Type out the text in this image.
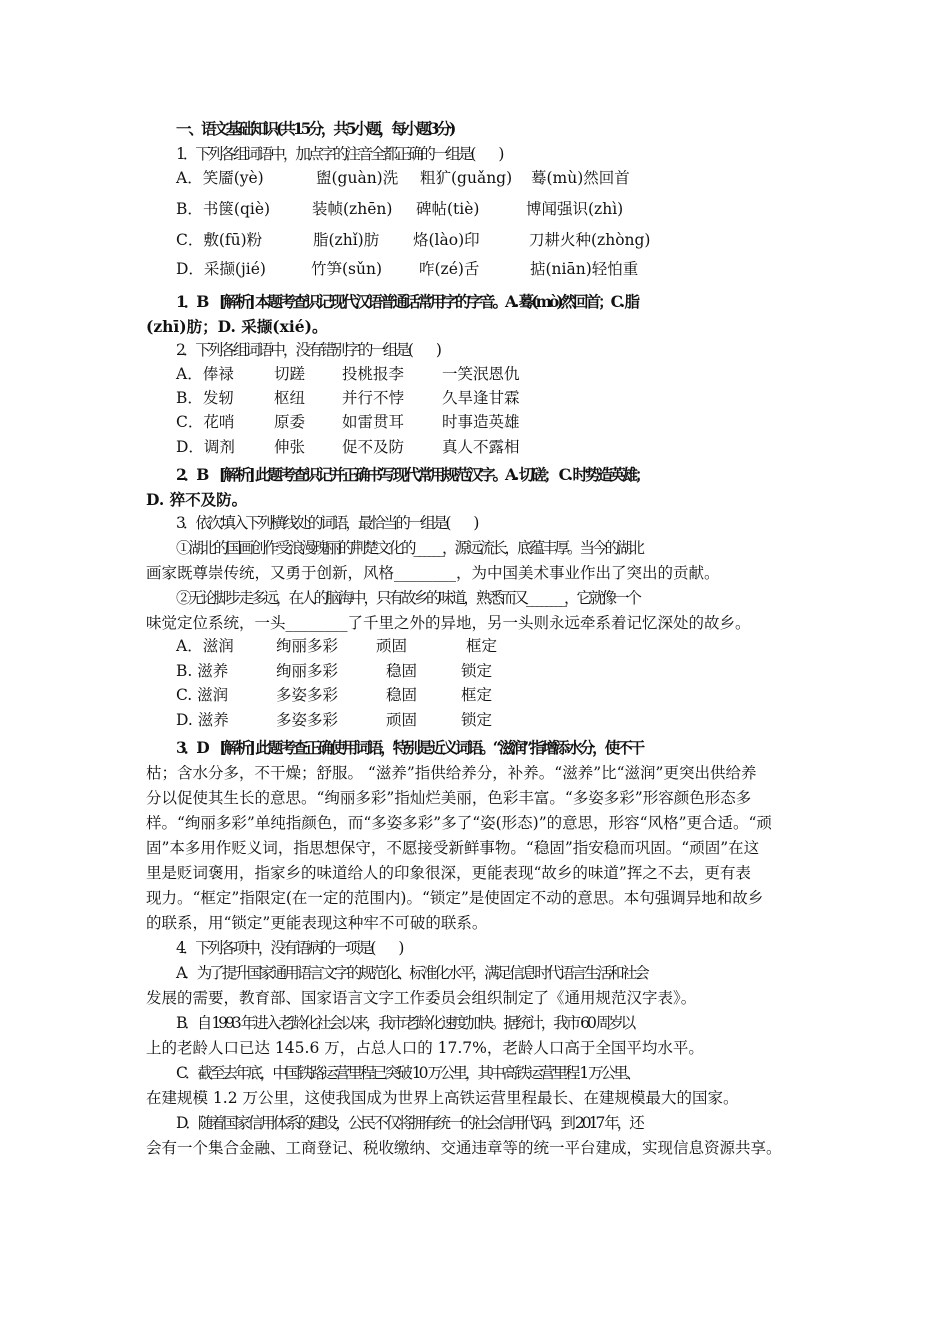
一、语文基础知识(共15分，共5小题，每小题3分)
1．下列各组词语中，加点字的注音全都正确的一组是(　　)
A．笑靥(yè)	盥(guàn)洗 粗犷(guǎng) 蓦(mù)然回首
B．书箧(qiè)	装帧(zhēn) 碑帖(tiè)	博闻强识(zhì)
C．敷(fū)粉	脂(zhǐ)肪 烙(lào)印	刀耕火种(zhòng)
D．采撷(jié)	竹笋(sǔn) 咋(zé)舌	掂(niān)轻怕重
1．B　[解析] 本题考查识记现代汉语普通话常用字的字音。A. 蓦(mò)然回首；C. 脂
(zhī)肪；D. 采撷(xié)。
2．下列各组词语中，没有错别字的一组是(　　)
A．俸禄	切蹉 投桃报李 一笑泯恩仇
B．发轫	枢纽 并行不悖 久旱逢甘霖
C．花哨	原委 如雷贯耳 时事造英雄
D．调剂	伸张 促不及防 真人不露相
2．B　[解析] 此题考查识记并正确书写现代常用规范汉字。A. 切磋； C. 时势造英雄；
D. 猝不及防。
3．依次填入下列横线处的词语，最恰当的一组是(　　)
①湖北的国画创作受浪漫瑰丽的荆楚文化的______，源远流长，底蕴丰厚。当今的湖北
画家既尊崇传统，又勇于创新，风格________，为中国美术事业作出了突出的贡献。
②无论脚步走多远，在人的脑海中，只有故乡的味道，熟悉而又________，它就像一个
味觉定位系统，一头________了千里之外的异地，另一头则永远牵系着记忆深处的故乡。
A．滋润	绚丽多彩 顽固	框定
B. 滋养	绚丽多彩	稳固	锁定
C. 滋润	多姿多彩	稳固	框定
D. 滋养	多姿多彩	顽固	锁定
3．D　[解析] 此题考查正确使用词语，特别是近义词语。“滋润”指增添水分，使不干
枯；含水分多，不干燥；舒服。 “滋养”指供给养分，补养。“滋养”比“滋润”更突出供给养
分以促使其生长的意思。“绚丽多彩”指灿烂美丽，色彩丰富。“多姿多彩”形容颜色形态多
样。“绚丽多彩”单纯指颜色，而“多姿多彩”多了“姿(形态)”的意思，形容“风格”更合适。“顽
固”本多用作贬义词，指思想保守，不愿接受新鲜事物。“稳固”指安稳而巩固。“顽固”在这
里是贬词褒用，指家乡的味道给人的印象很深，更能表现“故乡的味道”挥之不去，更有表
现力。“框定”指限定(在一定的范围内)。“锁定”是使固定不动的意思。本句强调异地和故乡
的联系，用“锁定”更能表现这种牢不可破的联系。
4．下列各项中，没有语病的一项是(　　)
A．为了提升国家通用语言文字的规范化、标准化水平，满足信息时代语言生活和社会
发展的需要，教育部、国家语言文字工作委员会组织制定了《通用规范汉字表》。
B．自 1993 年进入老龄化社会以来，我市老龄化速度加快。据统计，我市 60 周岁以
上的老龄人口已达 145.6 万，占总人口的 17.7%，老龄人口高于全国平均水平。
C．截至去年底，中国铁路运营里程已突破 10 万公里，其中高铁运营里程 1 万公里、
在建规模 1.2 万公里，这使我国成为世界上高铁运营里程最长、在建规模最大的国家。
D．随着国家信用体系的建设，公民不仅将拥有统一的社会信用代码，到 2017 年，还
会有一个集合金融、工商登记、税收缴纳、交通违章等的统一平台建成，实现信息资源共享。
